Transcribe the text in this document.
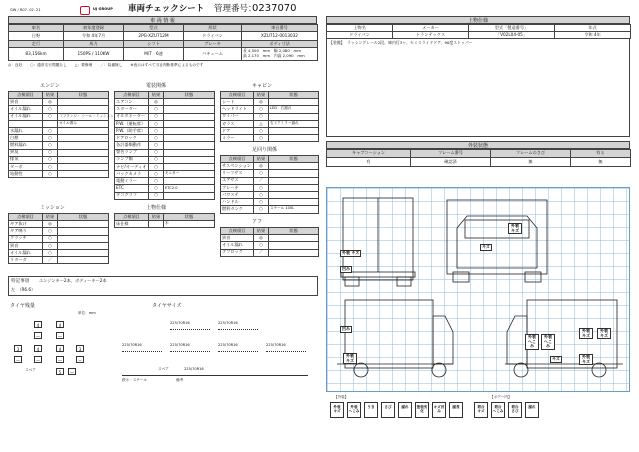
GW / R07. 02. 21	UJ GROUP 車両チェックシート 管理番号：
0237070
車 両 情 報
車名	初年度登録	型式	形状	車台番号
日野	令和 4年7月	2PG-XZU712M	ドライバン	XZU712-0013032
走行	馬力	シフト	ブレーキ	ボディ寸法
83,156km	150PS / 110KW	M/T　6速	バキューム	長 4,500　mm　幅 2,080　mm
高 2,170　mm　内高 2,090　mm
◎：良好 ○：通常走行問題なし △：要修理 ／：装備無し ※表示はすべて当社判断基準によるものです
エンジン
点検項目	結果	状態
異音	◎	
オイル漏れ	○	
オイル漏れ	○	（フランジ・ シール・ミッション）
		オイル滲み
水漏れ	○	
白煙	○	
燃料漏れ	○	
異臭	○	
排気	○	
ターボ	○	
始動性	○	
ミッション
点検項目	結果	状態
ギア抜け	◎	
ギア鳴り	○	
クラッチ	○	
異音	○	
オイル漏れ	○	
リターダ	／	
電装関係
点検項目	結果	状態
エアコン	◎	
スターター	○	
オルタネーター	○	
P.W.（運転席）	○	
P.W.（助手席）	○	
ドアロック	○	
各計器類動作	○	
警告ランプ	○	
ランプ類	○	
ナビ/オーディオ	○	
バックカメラ	○	モニター
電動ミラー	○	
ETC	○	ETC2.0
タコグラフ	○	
上物仕様
点検項目	結果	状態
床仕様		木
キャビン
点検項目	結果	状態
シート	◎	
ヘッドライト	○	LED　右割れ
ワイパー	○	
ガラス	△	右ドアミラー割れ
ドア	○	
ミラー	○	
足回り関係
点検項目	結果	状態
サスペンション	◎	
リーフサス	○	
エアサス	／	
ブレーキ	○	
パワステ	○	
ハンドル	○	
燃料タンク	○	スチール 100L
アフ
点検項目	結果	状態
異音	◎	
オイル漏れ	○	
デフロック	／	
特記事項 エンジンキー2本、ボディーキー2本
左　（R6.6）
タイヤ残量
単位：mm
タイヤサイズ
4	4
—	—
3	4	4	3
—	—	—	—
スペア	5	—
225/70R16	225/70R16
225/70R16	225/70R16	225/70R16	225/70R16
スペア	225/70R16
鉄ホ・スチール	備考
上物仕様
上物名	メーカー	型式「製造番号」	年式
ドライバン	トランテックス	「V02L04-05」	令和 4年
【装備】 ラッシングレール2段、庫内灯3ヶ、セミスライドドア、90度ストッパー
外装状態
キャブコーション	フレーム番号	フレームのさび	有る
有	確認済	無	無
外装 キズ
凹み
外装 キズ
キズ
凹み
外装 キズ
外装 へこみ
外装 へこみ
外装 キズ
外装 キズ
外装 キズ
キズ
【外装】	【ボデー内】
外装 キズ
外装 へこみ
うき	さび	腐れ	塗装劣化
キズ凹み
腐食	荷台 キズ
荷台 へこみ
荷台 さび
腐れ
